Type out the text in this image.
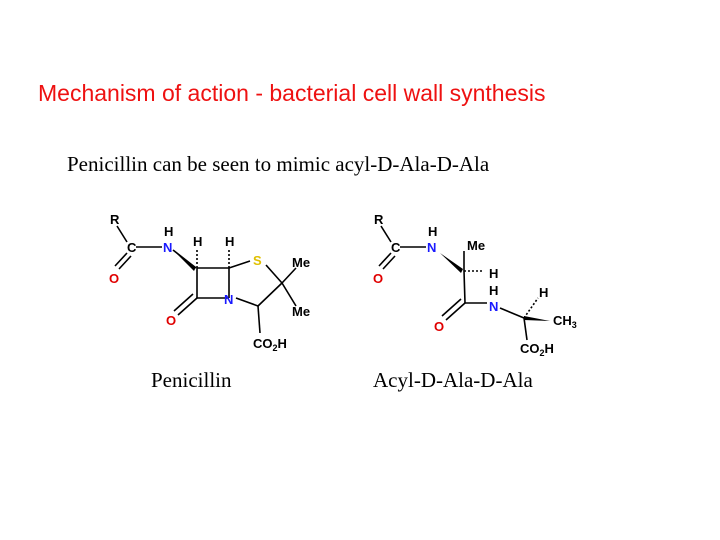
Mechanism of action - bacterial cell wall synthesis
Penicillin can be seen to mimic acyl-D-Ala-D-Ala
R
C
O
H
N H H
S Me
Me
N
O
$CO_2H$
R
C
O
H
N Me
H
H
N
H
O	$CH_3$
$CO_2H$
Penicillin	Acyl-D-Ala-D-Ala
